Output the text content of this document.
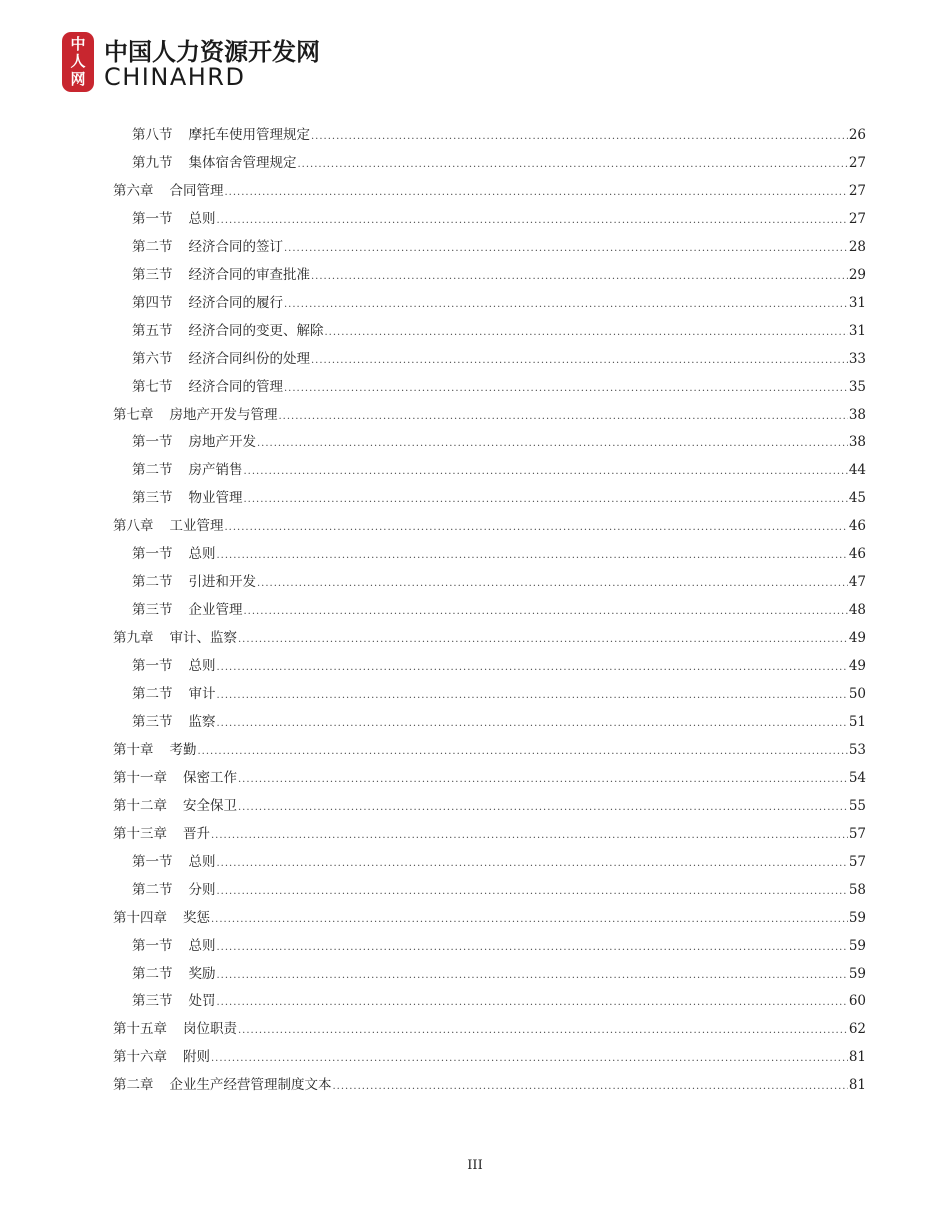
中
人
网
中国人力资源开发网
CHINAHRD
第八节 摩托车使用管理规定 .....	26
第九节 集体宿舍管理规定 .....	27
第六章 合同管理 .....	27
第一节 总则 .....	27
第二节 经济合同的签订 .....	28
第三节 经济合同的审查批准 .....	29
第四节 经济合同的履行 .....	31
第五节 经济合同的变更、解除 .....	31
第六节 经济合同纠份的处理 .....	33
第七节 经济合同的管理 .....	35
第七章 房地产开发与管理 .....	38
第一节 房地产开发 .....	38
第二节 房产销售 .....	44
第三节 物业管理 .....	45
第八章 工业管理 .....	46
第一节 总则 .....	46
第二节 引进和开发 .....	47
第三节 企业管理 .....	48
第九章 审计、监察 .....	49
第一节 总则 .....	49
第二节 审计 .....	50
第三节 监察 .....	51
第十章 考勤 .....	53
第十一章 保密工作 .....	54
第十二章 安全保卫 .....	55
第十三章 晋升 .....	57
第一节 总则 .....	57
第二节 分则 .....	58
第十四章 奖惩 .....	59
第一节 总则 .....	59
第二节 奖励 .....	59
第三节 处罚 .....	60
第十五章 岗位职责 .....	62
第十六章 附则 .....	81
第二章 企业生产经营管理制度文本 .....	81
III
